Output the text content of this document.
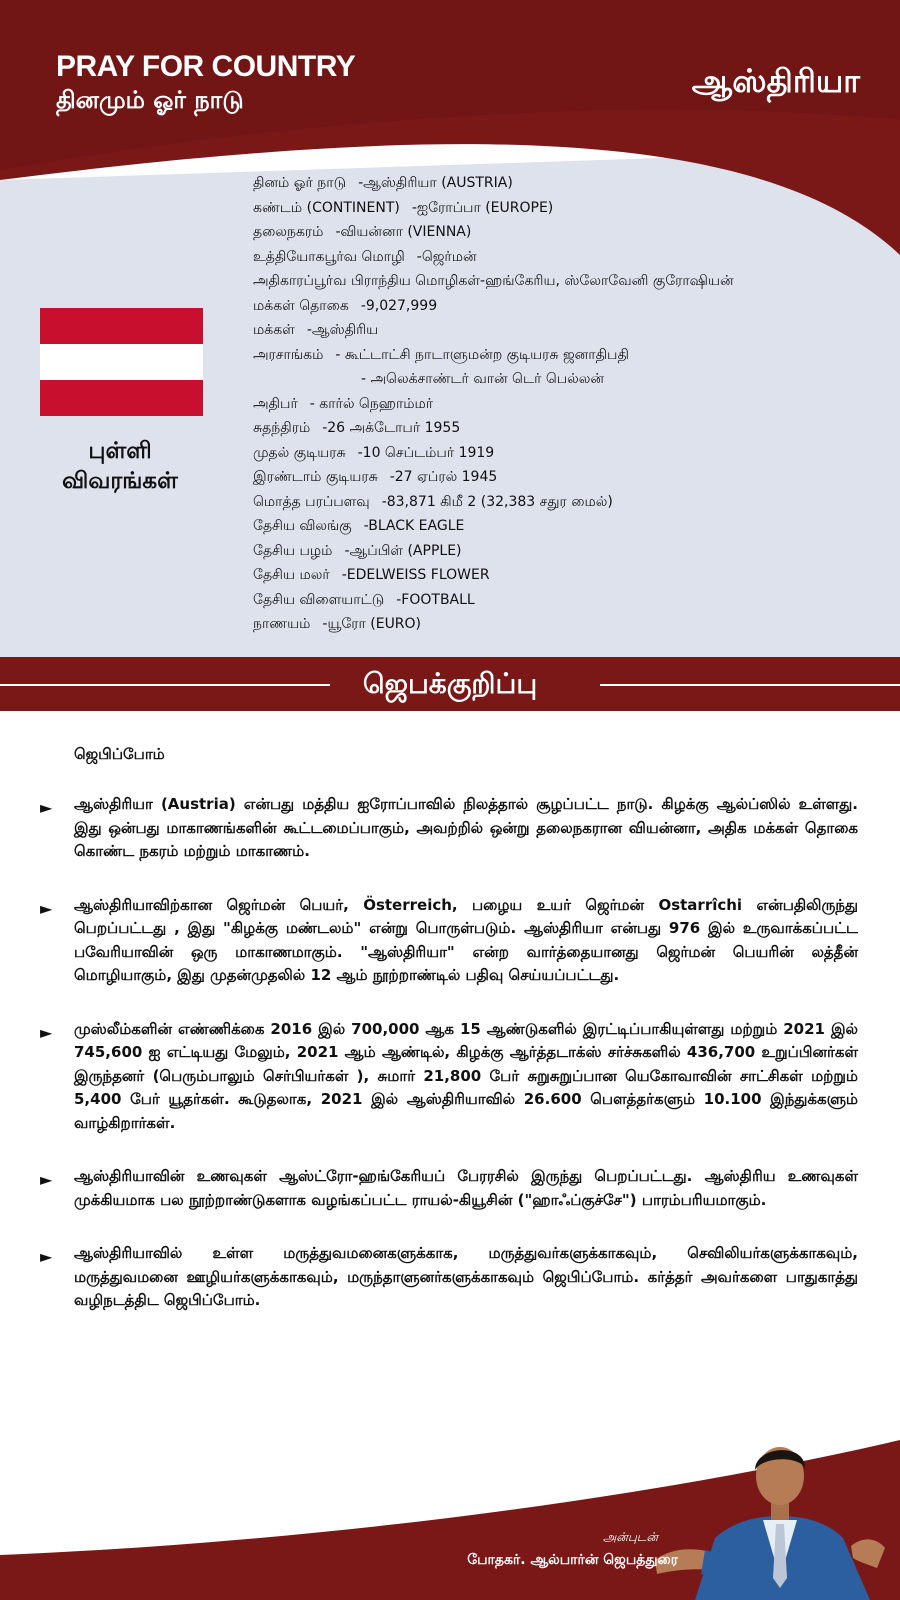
PRAY FOR COUNTRY
தினமும் ஓர் நாடு	ஆஸ்திரியா
புள்ளி
விவரங்கள்
தினம் ஓர் நாடு -ஆஸ்திரியா (AUSTRIA)
கண்டம் (CONTINENT) -ஐரோப்பா (EUROPE)
தலைநகரம் -வியன்னா (VIENNA)
உத்தியோகபூர்வ மொழி -ஜெர்மன்
அதிகாரப்பூர்வ பிராந்திய மொழிகள்-ஹங்கேரிய, ஸ்லோவேனி குரோஷியன்
மக்கள் தொகை -9,027,999
மக்கள் -ஆஸ்திரிய
அரசாங்கம் - கூட்டாட்சி நாடாளுமன்ற குடியரசு ஜனாதிபதி
- அலெக்சாண்டர் வான் டெர் பெல்லன்
அதிபர் - கார்ல் நெஹாம்மர்
சுதந்திரம் -26 அக்டோபர் 1955
முதல் குடியரசு -10 செப்டம்பர் 1919
இரண்டாம் குடியரசு -27 ஏப்ரல் 1945
மொத்த பரப்பளவு -83,871 கிமீ 2 (32,383 சதுர மைல்)
தேசிய விலங்கு -BLACK EAGLE
தேசிய பழம் -ஆப்பிள் (APPLE)
தேசிய மலர் -EDELWEISS FLOWER
தேசிய விளையாட்டு -FOOTBALL
நாணயம் -யூரோ (EURO)
ஜெபக்குறிப்பு
ஜெபிப்போம்
► ஆஸ்திரியா (Austria) என்பது மத்திய ஐரோப்பாவில் நிலத்தால் சூழப்பட்ட நாடு. கிழக்கு ஆல்ப்ஸில் உள்ளது. இது ஒன்பது மாகாணங்களின் கூட்டமைப்பாகும், அவற்றில் ஒன்று தலைநகரான வியன்னா, அதிக மக்கள் தொகை கொண்ட நகரம் மற்றும் மாகாணம்.
► ஆஸ்திரியாவிற்கான ஜெர்மன் பெயர், Österreich, பழைய உயர் ஜெர்மன் Ostarrîchi என்பதிலிருந்து பெறப்பட்டது , இது "கிழக்கு மண்டலம்" என்று பொருள்படும். ஆஸ்திரியா என்பது 976 இல் உருவாக்கப்பட்ட பவேரியாவின் ஒரு மாகாணமாகும். "ஆஸ்திரியா" என்ற வார்த்தையானது ஜெர்மன் பெயரின் லத்தீன் மொழியாகும், இது முதன்முதலில் 12 ஆம் நூற்றாண்டில் பதிவு செய்யப்பட்டது.
► முஸ்லீம்களின் எண்ணிக்கை 2016 இல் 700,000 ஆக 15 ஆண்டுகளில் இரட்டிப்பாகியுள்ளது மற்றும் 2021 இல் 745,600 ஐ எட்டியது மேலும், 2021 ஆம் ஆண்டில், கிழக்கு ஆர்த்தடாக்ஸ் சர்ச்சுகளில் 436,700 உறுப்பினர்கள் இருந்தனர் (பெரும்பாலும் செர்பியர்கள் ), சுமார் 21,800 பேர் சுறுசுறுப்பான யெகோவாவின் சாட்சிகள் மற்றும் 5,400 பேர் யூதர்கள். கூடுதலாக, 2021 இல் ஆஸ்திரியாவில் 26.600 பௌத்தர்களும் 10.100 இந்துக்களும் வாழ்கிறார்கள்.
► ஆஸ்திரியாவின் உணவுகள் ஆஸ்ட்ரோ-ஹங்கேரியப் பேரரசில் இருந்து பெறப்பட்டது. ஆஸ்திரிய உணவுகள் முக்கியமாக பல நூற்றாண்டுகளாக வழங்கப்பட்ட ராயல்-கியூசின் ("ஹாஃப்குச்சே") பாரம்பரியமாகும்.
► ஆஸ்திரியாவில் உள்ள மருத்துவமனைகளுக்காக, மருத்துவர்களுக்காகவும், செவிலியர்களுக்காகவும், மருத்துவமனை ஊழியர்களுக்காகவும், மருந்தாளுனர்களுக்காகவும் ஜெபிப்போம். கர்த்தர் அவர்களை பாதுகாத்து வழிநடத்திட ஜெபிப்போம்.
அன்புடன்
போதகர். ஆல்பார்ன் ஜெபத்துரை
